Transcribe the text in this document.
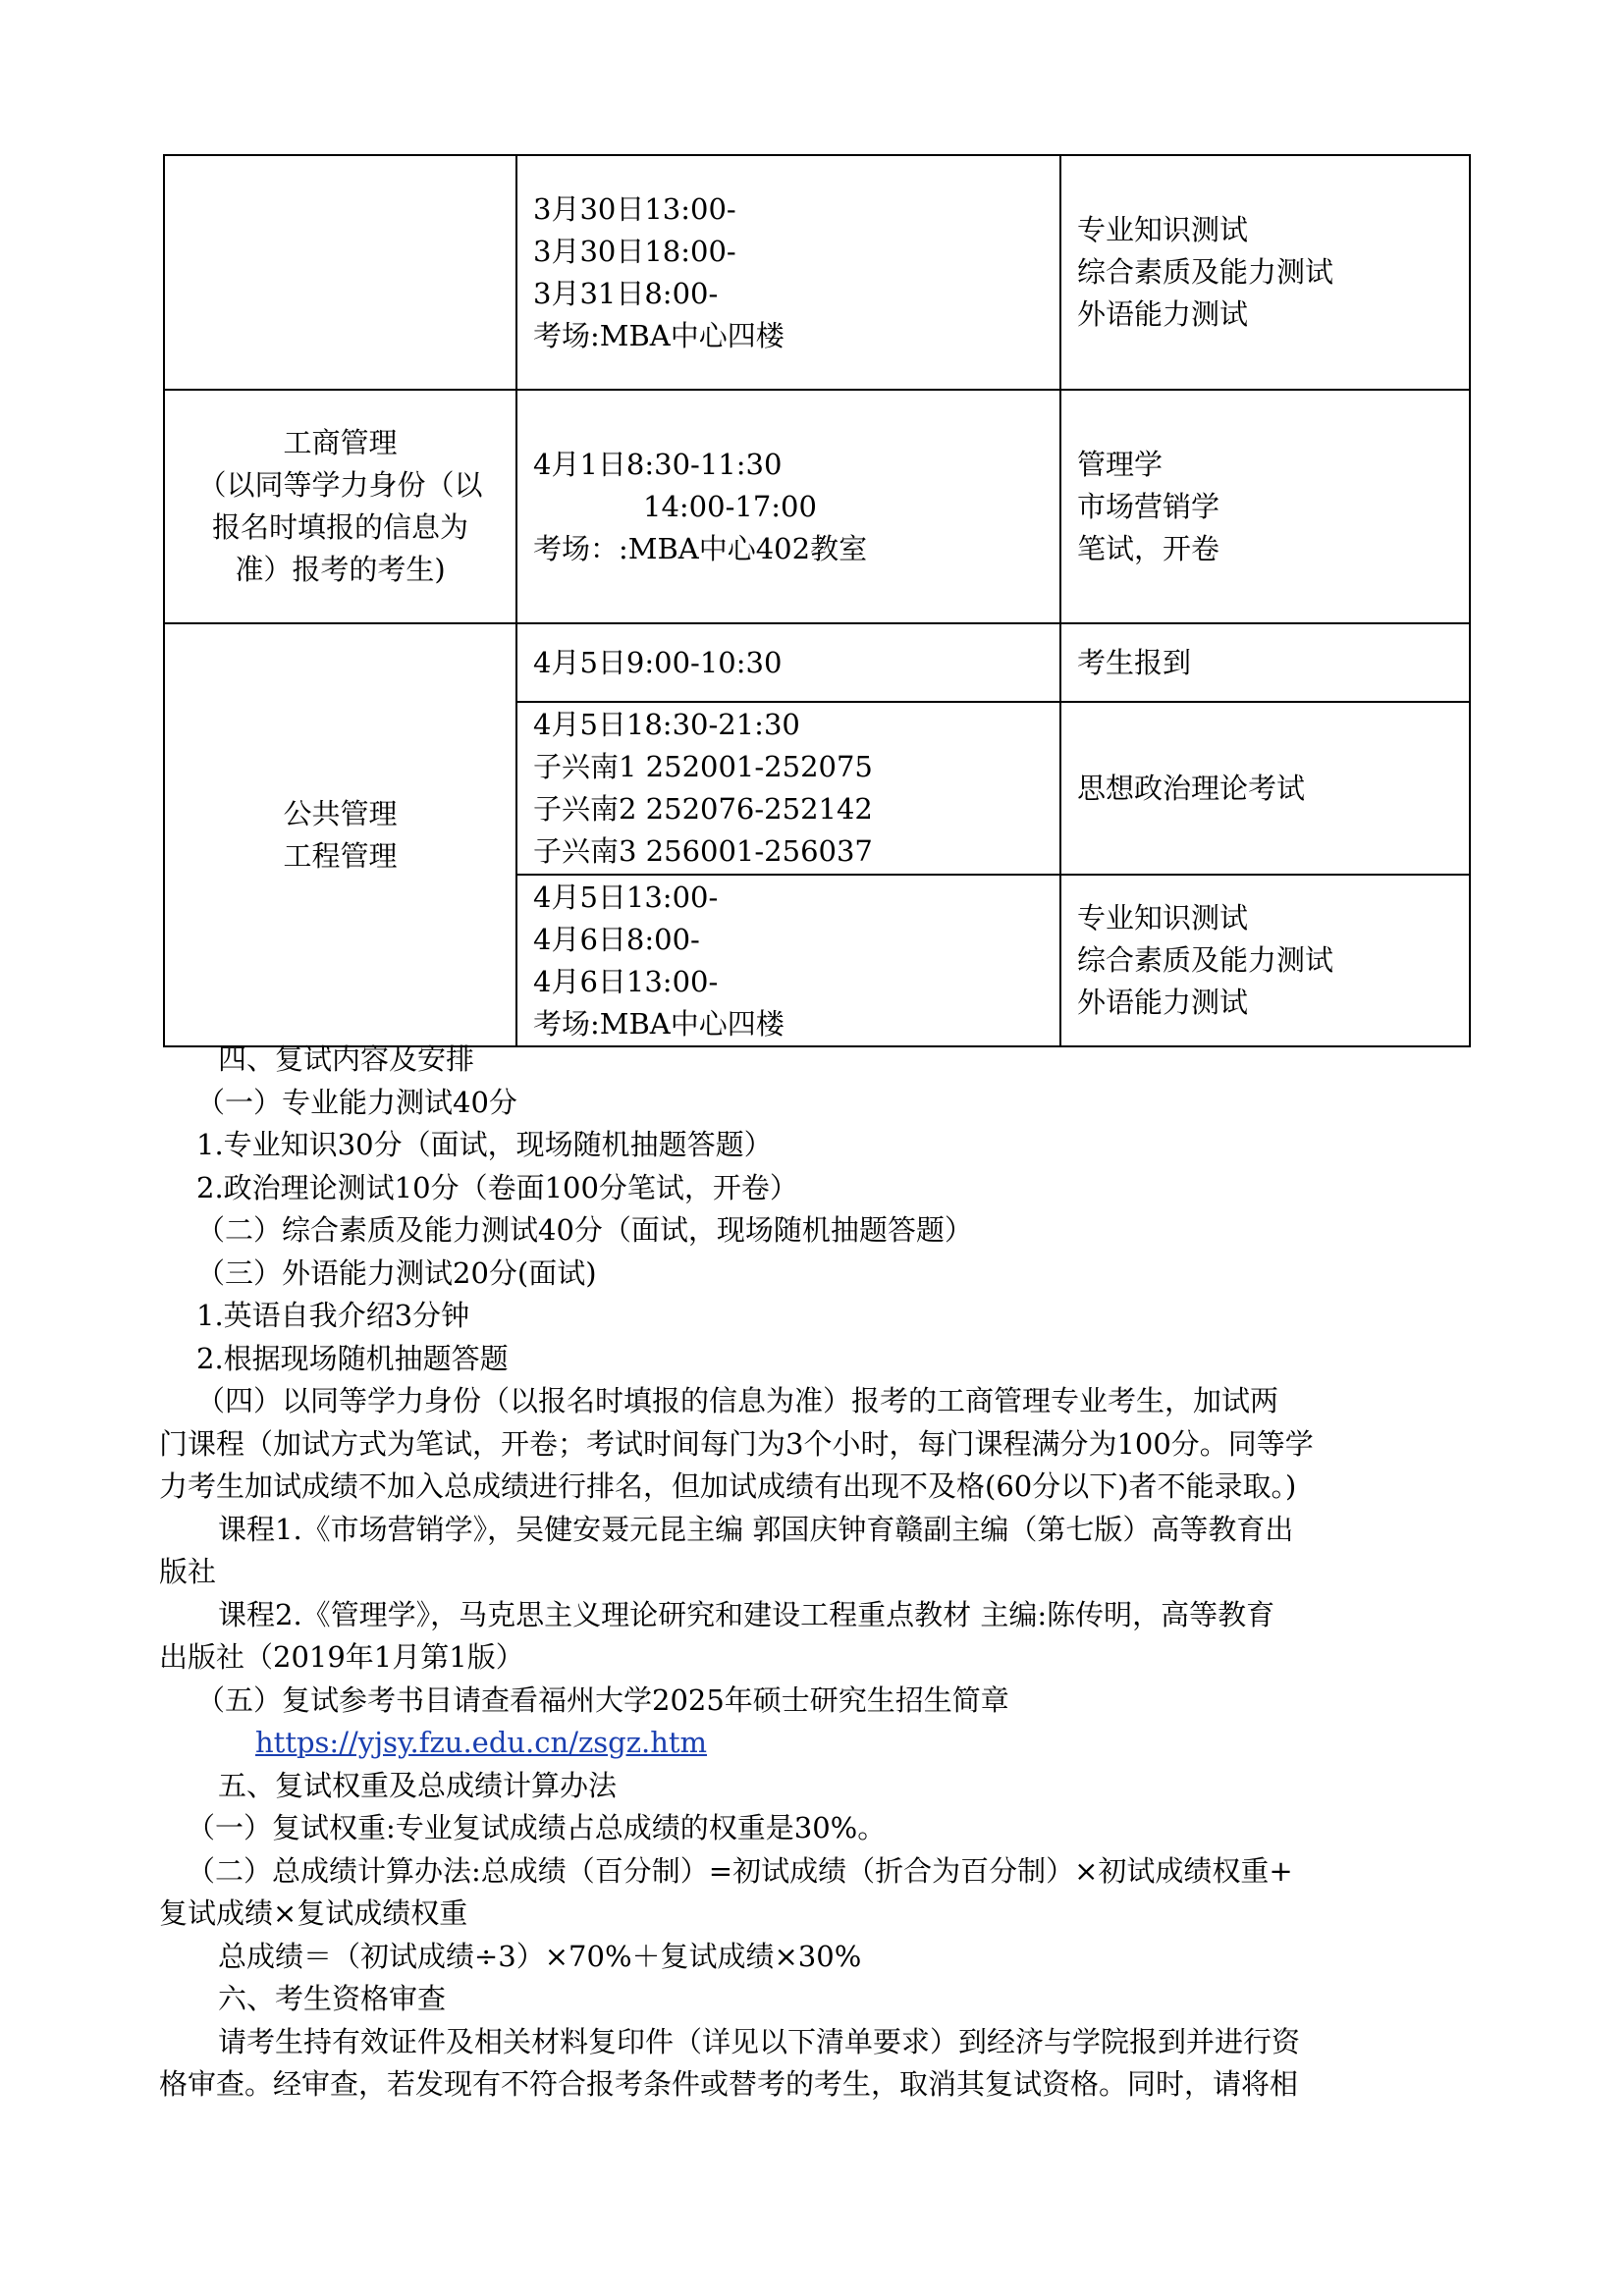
	3月30日13:00-
3月30日18:00-
3月31日8:00-
考场:MBA中心四楼	专业知识测试
综合素质及能力测试
外语能力测试

工商管理
（以同等学力身份（以
报名时填报的信息为
准）报考的考生)	4月1日8:30-11:30
14:00-17:00
考场：:MBA中心402教室	管理学
市场营销学
笔试，开卷

公共管理
工程管理	4月5日9:00-10:30	考生报到

	4月5日18:30-21:30
子兴南1 252001-252075
子兴南2 252076-252142
子兴南3 256001-256037	思想政治理论考试

	4月5日13:00-
4月6日8:00-
4月6日13:00-
考场:MBA中心四楼	专业知识测试
综合素质及能力测试
外语能力测试
四、复试内容及安排
（一）专业能力测试40分
1.专业知识30分（面试，现场随机抽题答题）
2.政治理论测试10分（卷面100分笔试，开卷）
（二）综合素质及能力测试40分（面试，现场随机抽题答题）
（三）外语能力测试20分(面试)
1.英语自我介绍3分钟
2.根据现场随机抽题答题
（四）以同等学力身份（以报名时填报的信息为准）报考的工商管理专业考生，加试两
门课程（加试方式为笔试，开卷；考试时间每门为3个小时，每门课程满分为100分。同等学
力考生加试成绩不加入总成绩进行排名，但加试成绩有出现不及格(60分以下)者不能录取。)
课程1.《市场营销学》，吴健安聂元昆主编 郭国庆钟育赣副主编（第七版）高等教育出
版社
课程2.《管理学》，马克思主义理论研究和建设工程重点教材 主编:陈传明，高等教育
出版社（2019年1月第1版）
（五）复试参考书目请查看福州大学2025年硕士研究生招生简章
https://yjsy.fzu.edu.cn/zsgz.htm
五、复试权重及总成绩计算办法
（一）复试权重:专业复试成绩占总成绩的权重是30%。
（二）总成绩计算办法:总成绩（百分制）=初试成绩（折合为百分制）×初试成绩权重+
复试成绩×复试成绩权重
总成绩＝（初试成绩÷3）×70%＋复试成绩×30%
六、考生资格审查
请考生持有效证件及相关材料复印件（详见以下清单要求）到经济与学院报到并进行资
格审查。经审查，若发现有不符合报考条件或替考的考生，取消其复试资格。同时，请将相
